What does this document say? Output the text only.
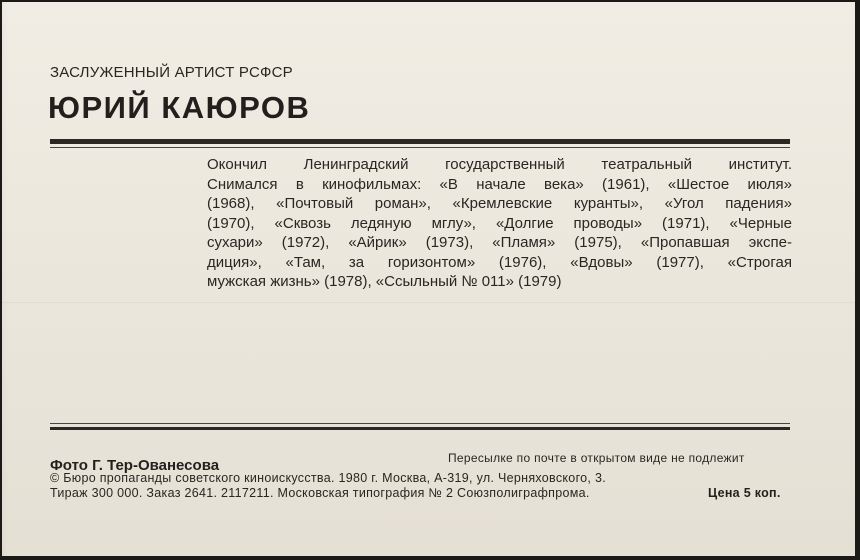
ЗАСЛУЖЕННЫЙ АРТИСТ РСФСР
ЮРИЙ КАЮРОВ
Окончил Ленинградский государственный театральный институт.
Снимался в кинофильмах: «В начале века» (1961), «Шестое июля»
(1968), «Почтовый роман», «Кремлевские куранты», «Угол падения»
(1970), «Сквозь ледяную мглу», «Долгие проводы» (1971), «Черные
сухари» (1972), «Айрик» (1973), «Пламя» (1975), «Пропавшая экспе-
диция», «Там, за горизонтом» (1976), «Вдовы» (1977), «Строгая
мужская жизнь» (1978), «Ссыльный № 011» (1979)
Фото Г. Тер-Ованесова	Пересылке по почте в открытом виде не подлежит
© Бюро пропаганды советского киноискусства. 1980 г. Москва, А-319, ул. Черняховского, 3.
Тираж 300 000. Заказ 2641. 2117211. Московская типография № 2 Союзполиграфпрома.	Цена 5 коп.
